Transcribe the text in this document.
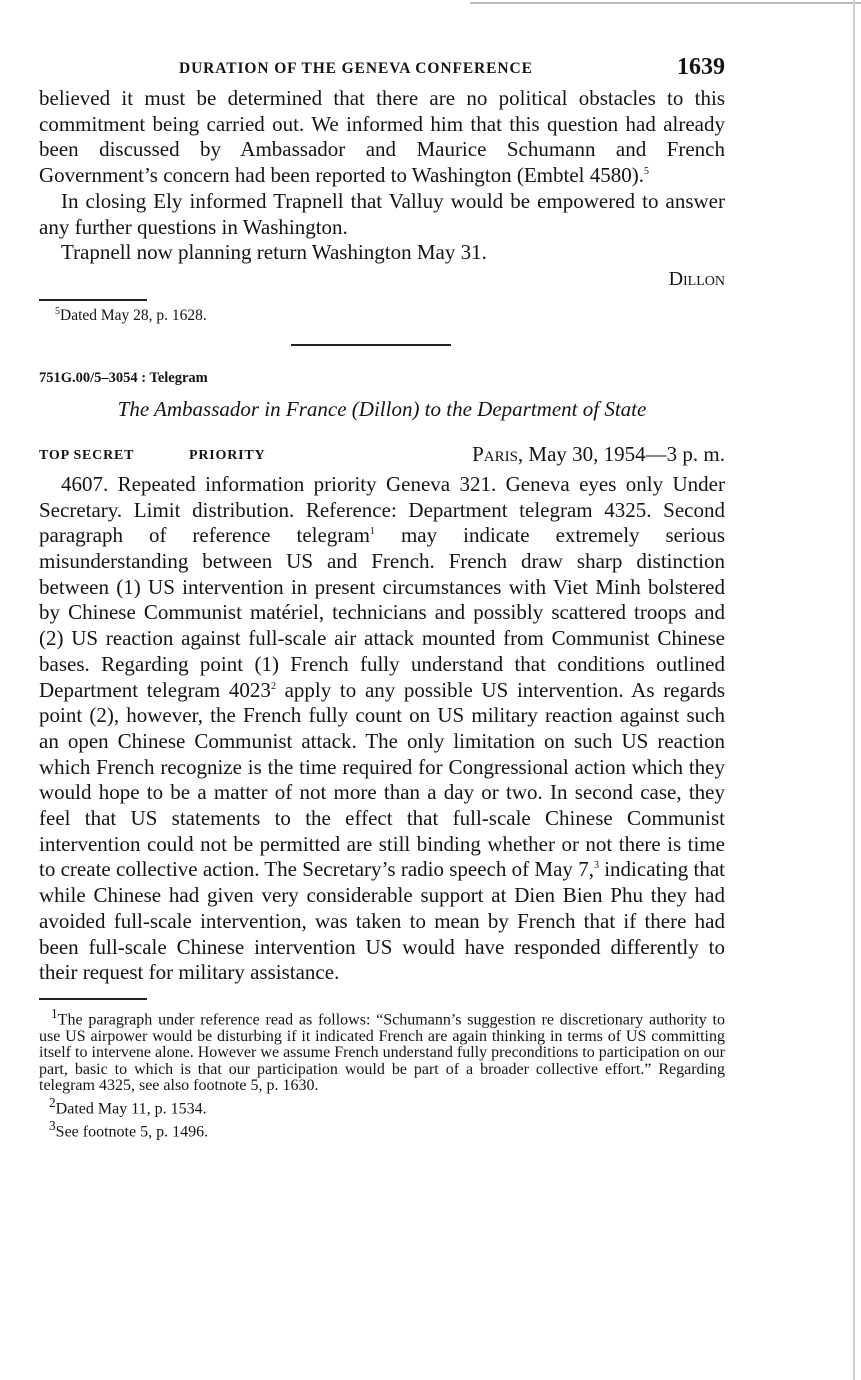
DURATION OF THE GENEVA CONFERENCE	1639

believed it must be determined that there are no political obstacles to this commitment being carried out. We informed him that this question had already been discussed by Ambassador and Maurice Schumann and French Government’s concern had been reported to Washington (Embtel 4580).$^5$

In closing Ely informed Trapnell that Valluy would be empowered to answer any further questions in Washington.

Trapnell now planning return Washington May 31.

Dillon
$^5$Dated May 28, p. 1628.
751G.00/5–3054 : Telegram
The Ambassador in France (Dillon) to the Department of State
TOP SECRET	PRIORITY	Paris, May 30, 1954—3 p. m.

4607. Repeated information priority Geneva 321. Geneva eyes only Under Secretary. Limit distribution. Reference: Department telegram 4325. Second paragraph of reference telegram$^1$ may indicate extremely serious misunderstanding between US and French. French draw sharp distinction between (1) US intervention in present circumstances with Viet Minh bolstered by Chinese Communist matériel, technicians and possibly scattered troops and (2) US reaction against full-scale air attack mounted from Communist Chinese bases. Regarding point (1) French fully understand that conditions outlined Department telegram 4023$^2$ apply to any possible US intervention. As regards point (2), however, the French fully count on US military reaction against such an open Chinese Communist attack. The only limitation on such US reaction which French recognize is the time required for Congressional action which they would hope to be a matter of not more than a day or two. In second case, they feel that US statements to the effect that full-scale Chinese Communist intervention could not be permitted are still binding whether or not there is time to create collective action. The Secretary’s radio speech of May 7,$^3$ indicating that while Chinese had given very considerable support at Dien Bien Phu they had avoided full-scale intervention, was taken to mean by French that if there had been full-scale Chinese intervention US would have responded differently to their request for military assistance.

$^1$The paragraph under reference read as follows: “Schumann’s suggestion re discretionary authority to use US airpower would be disturbing if it indicated French are again thinking in terms of US committing itself to intervene alone. However we assume French understand fully preconditions to participation on our part, basic to which is that our participation would be part of a broader collective effort.” Regarding telegram 4325, see also footnote 5, p. 1630.

$^2$Dated May 11, p. 1534.

$^3$See footnote 5, p. 1496.
